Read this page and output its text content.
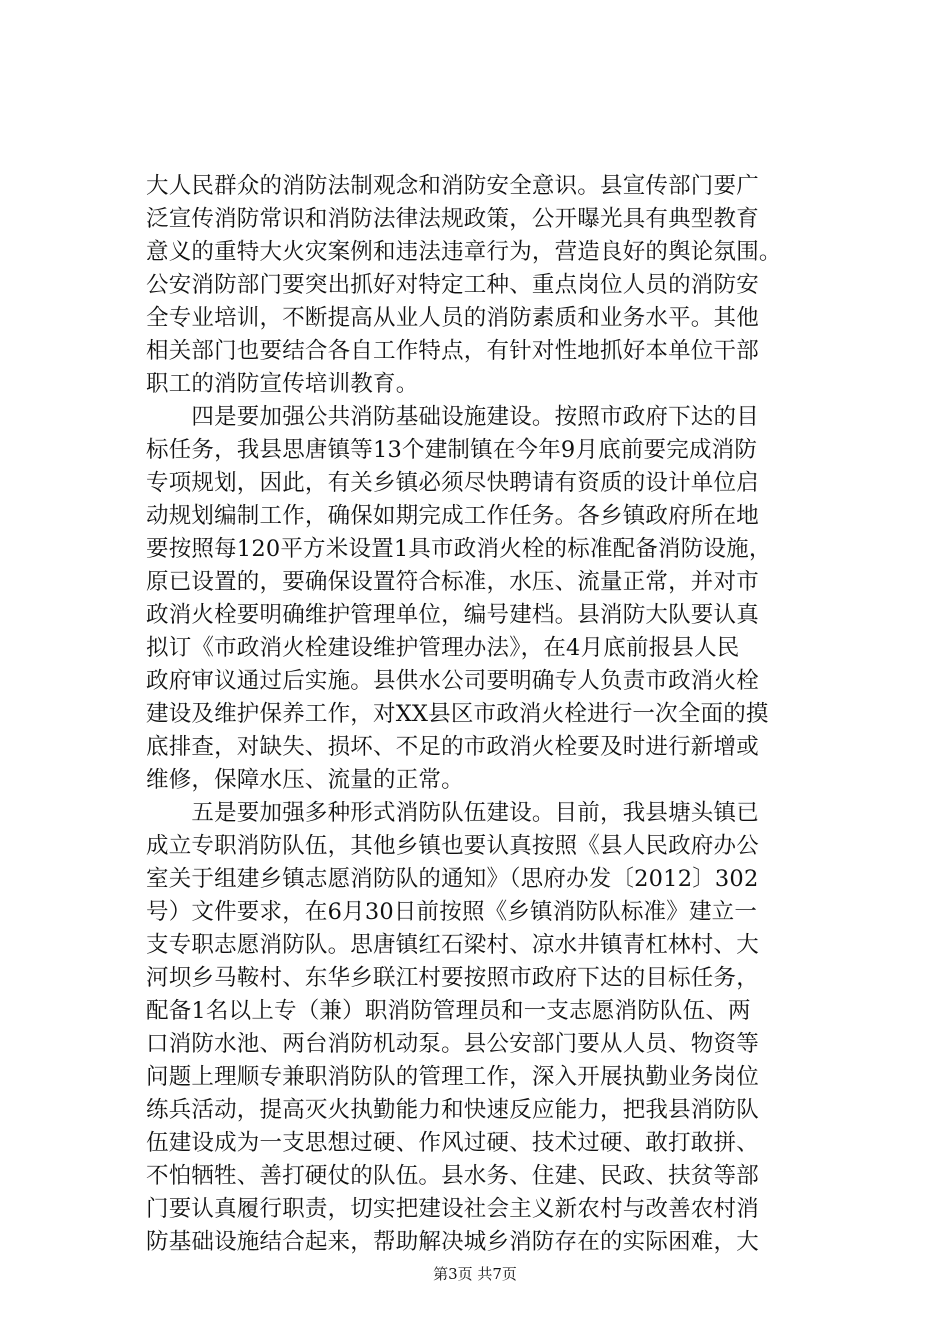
大人民群众的消防法制观念和消防安全意识。县宣传部门要广
泛宣传消防常识和消防法律法规政策，公开曝光具有典型教育
意义的重特大火灾案例和违法违章行为，营造良好的舆论氛围。
公安消防部门要突出抓好对特定工种、重点岗位人员的消防安
全专业培训，不断提高从业人员的消防素质和业务水平。其他
相关部门也要结合各自工作特点，有针对性地抓好本单位干部
职工的消防宣传培训教育。
　　四是要加强公共消防基础设施建设。按照市政府下达的目
标任务，我县思唐镇等13个建制镇在今年9月底前要完成消防
专项规划，因此，有关乡镇必须尽快聘请有资质的设计单位启
动规划编制工作，确保如期完成工作任务。各乡镇政府所在地
要按照每120平方米设置1具市政消火栓的标准配备消防设施，
原已设置的，要确保设置符合标准，水压、流量正常，并对市
政消火栓要明确维护管理单位，编号建档。县消防大队要认真
拟订《市政消火栓建设维护管理办法》，在4月底前报县人民
政府审议通过后实施。县供水公司要明确专人负责市政消火栓
建设及维护保养工作，对XX县区市政消火栓进行一次全面的摸
底排查，对缺失、损坏、不足的市政消火栓要及时进行新增或
维修，保障水压、流量的正常。
　　五是要加强多种形式消防队伍建设。目前，我县塘头镇已
成立专职消防队伍，其他乡镇也要认真按照《县人民政府办公
室关于组建乡镇志愿消防队的通知》（思府办发〔2012〕302
号）文件要求，在6月30日前按照《乡镇消防队标准》建立一
支专职志愿消防队。思唐镇红石梁村、凉水井镇青杠林村、大
河坝乡马鞍村、东华乡联江村要按照市政府下达的目标任务，
配备1名以上专（兼）职消防管理员和一支志愿消防队伍、两
口消防水池、两台消防机动泵。县公安部门要从人员、物资等
问题上理顺专兼职消防队的管理工作，深入开展执勤业务岗位
练兵活动，提高灭火执勤能力和快速反应能力，把我县消防队
伍建设成为一支思想过硬、作风过硬、技术过硬、敢打敢拼、
不怕牺牲、善打硬仗的队伍。县水务、住建、民政、扶贫等部
门要认真履行职责，切实把建设社会主义新农村与改善农村消
防基础设施结合起来，帮助解决城乡消防存在的实际困难，大
第3页 共7页
